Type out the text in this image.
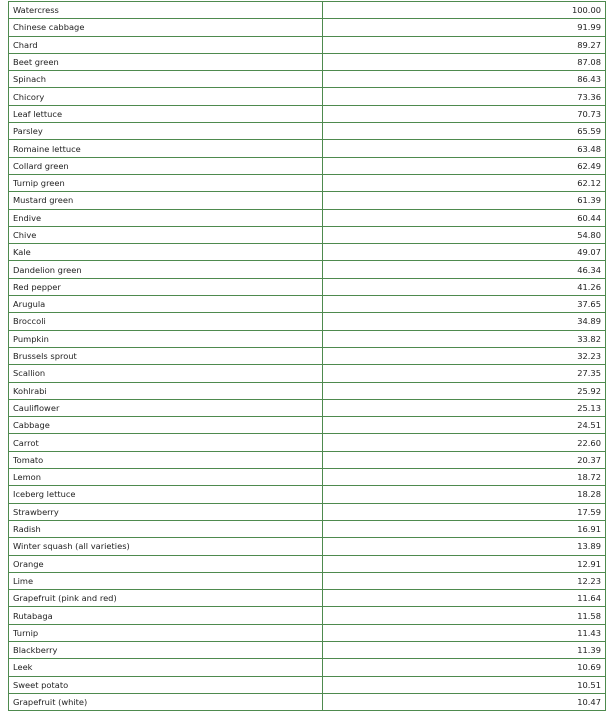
Watercress	100.00
Chinese cabbage	91.99
Chard	89.27
Beet green	87.08
Spinach	86.43
Chicory	73.36
Leaf lettuce	70.73
Parsley	65.59
Romaine lettuce	63.48
Collard green	62.49
Turnip green	62.12
Mustard green	61.39
Endive	60.44
Chive	54.80
Kale	49.07
Dandelion green	46.34
Red pepper	41.26
Arugula	37.65
Broccoli	34.89
Pumpkin	33.82
Brussels sprout	32.23
Scallion	27.35
Kohlrabi	25.92
Cauliflower	25.13
Cabbage	24.51
Carrot	22.60
Tomato	20.37
Lemon	18.72
Iceberg lettuce	18.28
Strawberry	17.59
Radish	16.91
Winter squash (all varieties)	13.89
Orange	12.91
Lime	12.23
Grapefruit (pink and red)	11.64
Rutabaga	11.58
Turnip	11.43
Blackberry	11.39
Leek	10.69
Sweet potato	10.51
Grapefruit (white)	10.47
